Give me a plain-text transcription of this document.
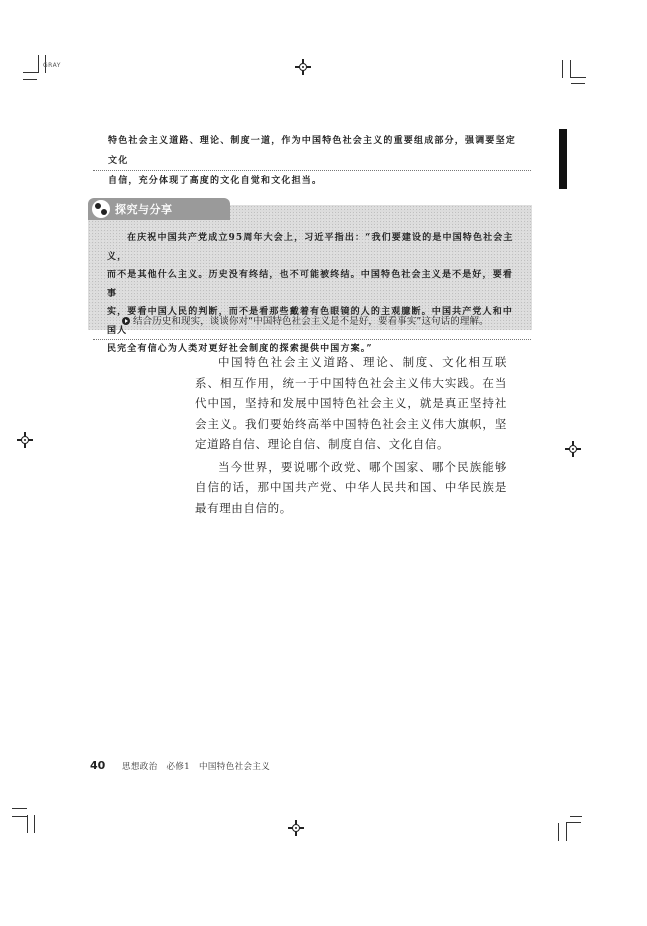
GRAY
特色社会主义道路、理论、制度一道，作为中国特色社会主义的重要组成部分，强调要坚定文化
自信，充分体现了高度的文化自觉和文化担当。
探究与分享
在庆祝中国共产党成立95周年大会上，习近平指出：“我们要建设的是中国特色社会主义，
而不是其他什么主义。历史没有终结，也不可能被终结。中国特色社会主义是不是好，要看事
实，要看中国人民的判断，而不是看那些戴着有色眼镜的人的主观臆断。中国共产党人和中国人
民完全有信心为人类对更好社会制度的探索提供中国方案。”
结合历史和现实，谈谈你对“中国特色社会主义是不是好，要看事实”这句话的理解。

中国特色社会主义道路、理论、制度、文化相互联系、相互作用，统一于中国特色社会主义伟大实践。在当代中国，坚持和发展中国特色社会主义，就是真正坚持社会主义。我们要始终高举中国特色社会主义伟大旗帜，坚定道路自信、理论自信、制度自信、文化自信。

当今世界，要说哪个政党、哪个国家、哪个民族能够自信的话，那中国共产党、中华人民共和国、中华民族是最有理由自信的。

40 思想政治　必修1　中国特色社会主义
